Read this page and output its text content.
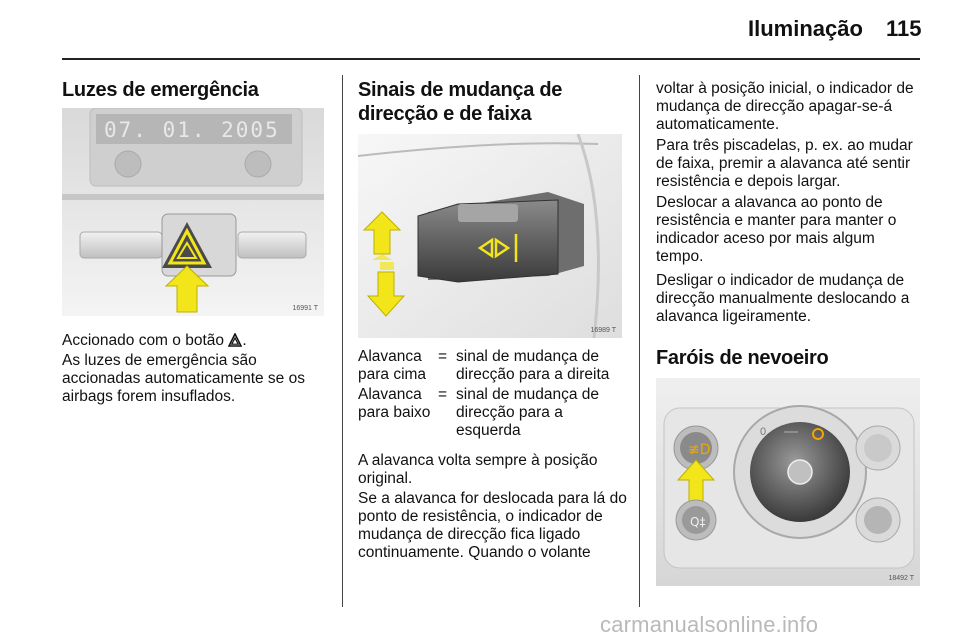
Iluminação 115
Luzes de emergência
07. 01. 2005
16991 T

Accionado com o botão .

As luzes de emergência são accionadas automaticamente se os airbags forem insuflados.

Sinais de mudança de
direcção e de faixa
16989 T
Alavanca para cima
= sinal de mudança de direcção para a direita
Alavanca para baixo
= sinal de mudança de direcção para a esquerda

A alavanca volta sempre à posição original.

Se a alavanca for deslocada para lá do ponto de resistência, o indicador de mudança de direcção fica ligado continuamente. Quando o volante

voltar à posição inicial, o indicador de mudança de direcção apagar-se-á automaticamente.

Para três piscadelas, p. ex. ao mudar de faixa, premir a alavanca até sentir resistência e depois largar.

Deslocar a alavanca ao ponto de resistência e manter para manter o indicador aceso por mais algum tempo.

Desligar o indicador de mudança de direcção manualmente deslocando a alavanca ligeiramente.

Faróis de nevoeiro
≢D
Q‡
0
18492 T
carmanualsonline.info
